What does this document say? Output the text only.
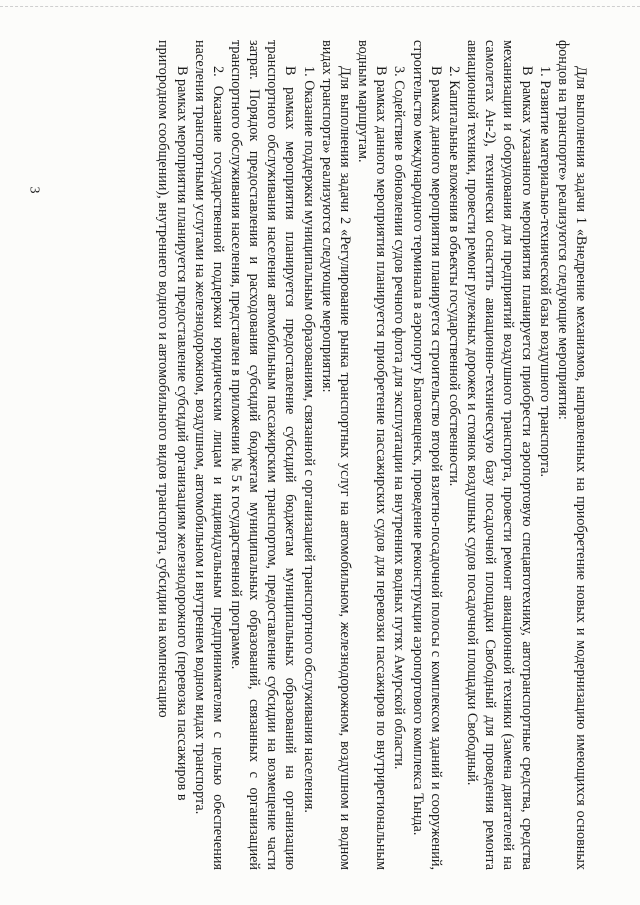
3	Для выполнения задачи 1 «Внедрение механизмов, направленных на приобретение новых и модернизацию имеющихся основных фондов на транспорте» реализуются следующие мероприятия:

1. Развитие материально-технической базы воздушного транспорта.

В рамках указанного мероприятия планируется приобрести аэропортовую спецавтотехнику, автотранспортные средства, средства механизации и оборудования для предприятий воздушного транспорта, провести ремонт авиационной техники (замена двигателей на самолетах Ан-2), технически оснастить авиационно-техническую базу посадочной площадки Свободный для проведения ремонта авиационной техники, провести ремонт рулежных дорожек и стоянок воздушных судов посадочной площадки Свободный.

2. Капитальные вложения в объекты государственной собственности.

В рамках данного мероприятия планируется строительство второй взлетно-посадочной полосы с комплексом зданий и сооружений, строительство международного терминала в аэропорту Благовещенск, проведение реконструкции аэропортового комплекса Тында.

3. Содействие в обновлении судов речного флота для эксплуатации на внутренних водных путях Амурской области.

В рамках данного мероприятия планируется приобретение пассажирских судов для перевозки пассажиров по внутрирегиональным водным маршрутам.

Для выполнения задачи 2 «Регулирование рынка транспортных услуг на автомобильном, железнодорожном, воздушном и водном видах транспорта» реализуются следующие мероприятия:

1. Оказание поддержки муниципальным образованиям, связанной с организацией транспортного обслуживания населения.

В рамках мероприятия планируется предоставление субсидий бюджетам муниципальных образований на организацию транспортного обслуживания населения автомобильным пассажирским транспортом, предоставление субсидии на возмещение части затрат. Порядок предоставления и расходования субсидий бюджетам муниципальных образований, связанных с организацией транспортного обслуживания населения, представлен в приложении № 5 к государственной программе.

2. Оказание государственной поддержки юридическим лицам и индивидуальным предпринимателям с целью обеспечения населения транспортными услугами на железнодорожном, воздушном, автомобильном и внутреннем водном видах транспорта.

В рамках мероприятия планируется предоставление субсидий организациям железнодорожного (перевозка пассажиров в пригородном сообщении), внутреннего водного и автомобильного видов транспорта, субсидии на компенсацию
